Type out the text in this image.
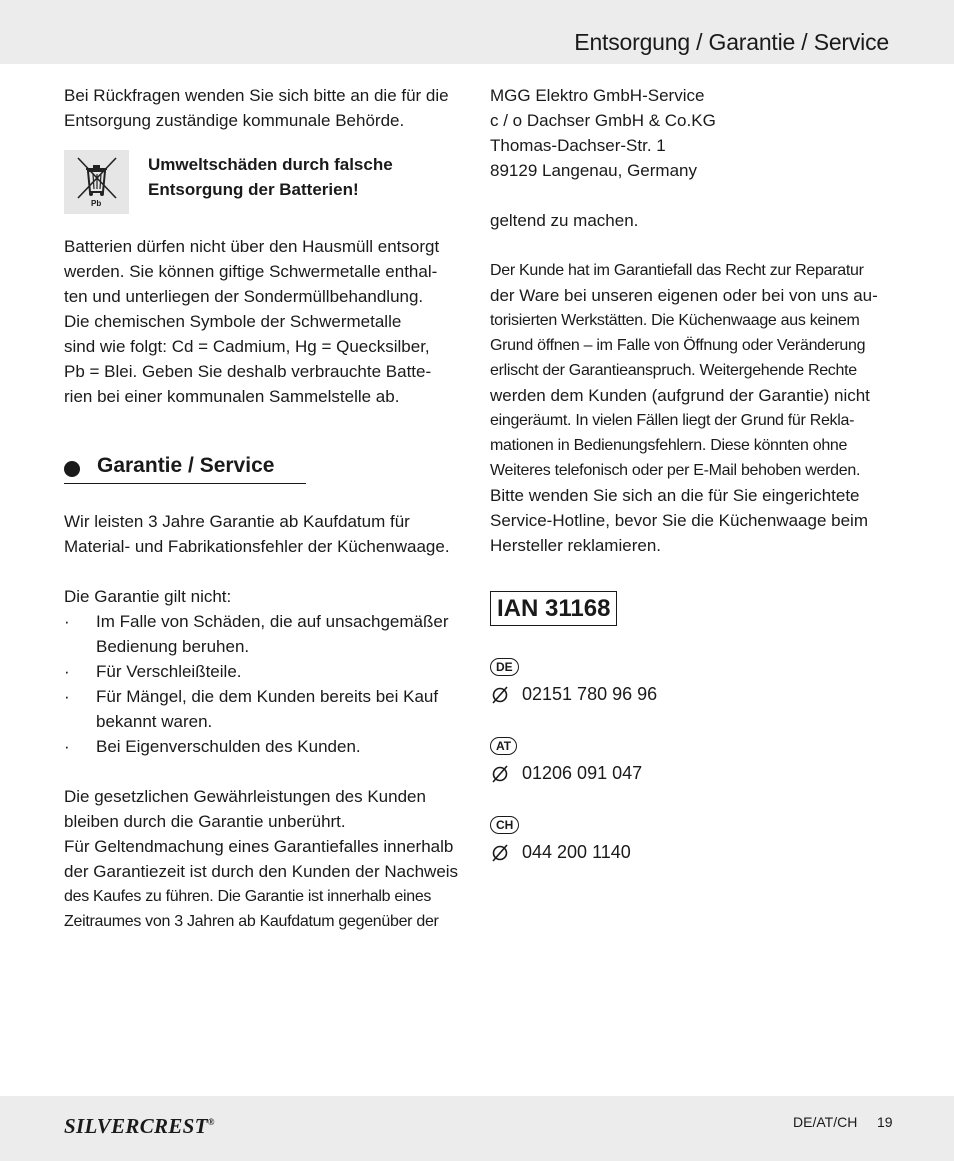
Entsorgung / Garantie / Service

Bei Rückfragen wenden Sie sich bitte an die für die

Entsorgung zuständige kommunale Behörde.

Pb
Umweltschäden durch falsche
Entsorgung der Batterien!

Batterien dürfen nicht über den Hausmüll entsorgt

werden. Sie können giftige Schwermetalle enthal-

ten und unterliegen der Sondermüllbehandlung.

Die chemischen Symbole der Schwermetalle

sind wie folgt: Cd = Cadmium, Hg = Quecksilber,

Pb = Blei. Geben Sie deshalb verbrauchte Batte-

rien bei einer kommunalen Sammelstelle ab.

Garantie / Service

Wir leisten 3 Jahre Garantie ab Kaufdatum für

Material- und Fabrikationsfehler der Küchenwaage.

Die Garantie gilt nicht:

· Im Falle von Schäden, die auf unsachgemäßer
Bedienung beruhen.
· Für Verschleißteile.
· Für Mängel, die dem Kunden bereits bei Kauf
bekannt waren.
· Bei Eigenverschulden des Kunden.

Die gesetzlichen Gewährleistungen des Kunden

bleiben durch die Garantie unberührt.

Für Geltendmachung eines Garantiefalles innerhalb

der Garantiezeit ist durch den Kunden der Nachweis

des Kaufes zu führen. Die Garantie ist innerhalb eines

Zeitraumes von 3 Jahren ab Kaufdatum gegenüber der

MGG Elektro GmbH-Service

c / o Dachser GmbH & Co.KG

Thomas-Dachser-Str. 1

89129 Langenau, Germany

geltend zu machen.

Der Kunde hat im Garantiefall das Recht zur Reparatur

der Ware bei unseren eigenen oder bei von uns au-

torisierten Werkstätten. Die Küchenwaage aus keinem

Grund öffnen – im Falle von Öffnung oder Veränderung

erlischt der Garantieanspruch. Weitergehende Rechte

werden dem Kunden (aufgrund der Garantie) nicht

eingeräumt. In vielen Fällen liegt der Grund für Rekla-

mationen in Bedienungsfehlern. Diese könnten ohne

Weiteres telefonisch oder per E-Mail behoben werden.

Bitte wenden Sie sich an die für Sie eingerichtete

Service-Hotline, bevor Sie die Küchenwaage beim

Hersteller reklamieren.

IAN 31168
DE
02151 780 96 96
AT
01206 091 047
CH
044 200 1140
SILVERCREST®	DE/AT/CH 19
